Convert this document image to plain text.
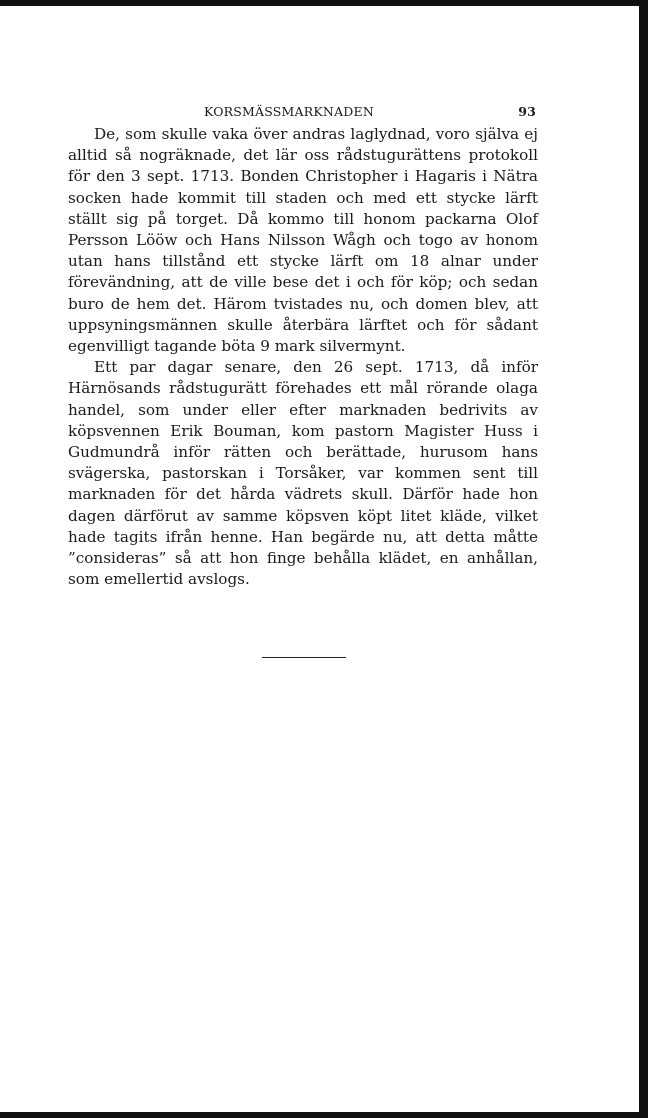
KORSMÄSSMARKNADEN	93

De, som skulle vaka över andras laglydnad, voro själva ej alltid så nogräknade, det lär oss rådstugurättens protokoll för den 3 sept. 1713. Bonden Christopher i Hagaris i Nätra socken hade kommit till staden och med ett stycke lärft ställt sig på torget. Då kommo till honom packarna Olof Persson Lööw och Hans Nilsson Wågh och togo av honom utan hans tillstånd ett stycke lärft om 18 alnar under förevändning, att de ville bese det i och för köp; och sedan buro de hem det. Härom tvistades nu, och domen blev, att uppsyningsmännen skulle återbära lärftet och för sådant egenvilligt tagande böta 9 mark silvermynt.

Ett par dagar senare, den 26 sept. 1713, då inför Härnösands rådstugurätt förehades ett mål rörande olaga handel, som under eller efter marknaden bedrivits av köpsvennen Erik Bouman, kom pastorn Magister Huss i Gudmundrå inför rätten och berättade, hurusom hans svägerska, pastorskan i Torsåker, var kommen sent till marknaden för det hårda vädrets skull. Därför hade hon dagen därförut av samme köpsven köpt litet kläde, vilket hade tagits ifrån henne. Han begärde nu, att detta måtte ”consideras” så att hon finge behålla klädet, en anhållan, som emellertid avslogs.
